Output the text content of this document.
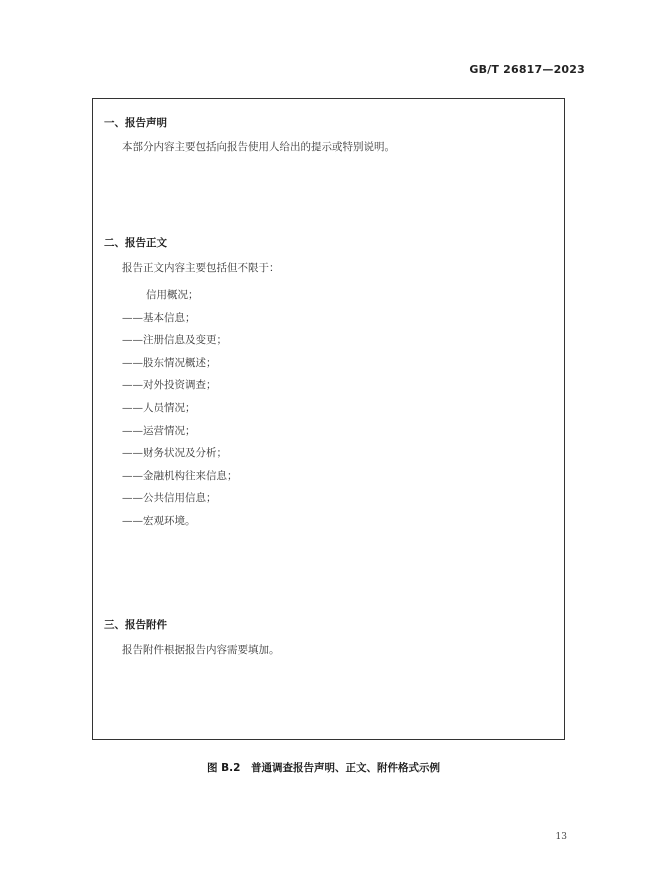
GB/T 26817—2023
一、报告声明
本部分内容主要包括向报告使用人给出的提示或特别说明。
二、报告正文
报告正文内容主要包括但不限于：
信用概况；
——基本信息；
——注册信息及变更；
——股东情况概述；
——对外投资调查；
——人员情况；
——运营情况；
——财务状况及分析；
——金融机构往来信息；
——公共信用信息；
——宏观环境。
三、报告附件
报告附件根据报告内容需要填加。
图 B.2　普通调查报告声明、正文、附件格式示例
13
